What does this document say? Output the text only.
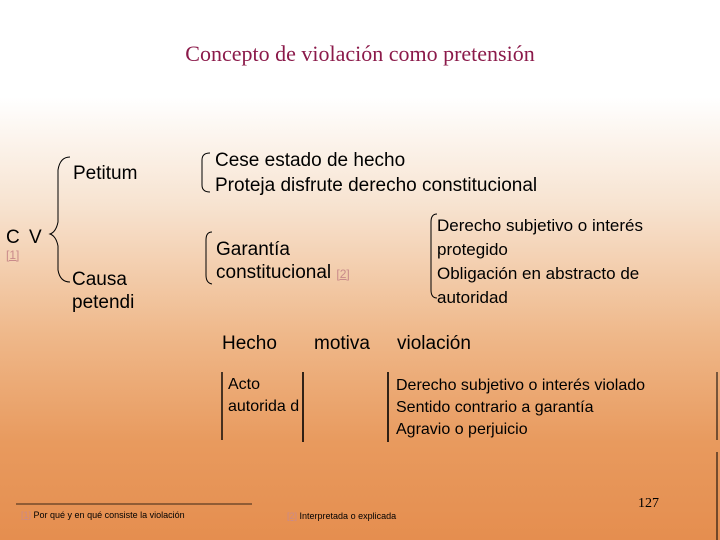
Concepto de violación como pretensión
C V
[1]
Petitum
Causa petendi
Cese estado de hecho
Proteja disfrute derecho constitucional
Garantía constitucional [2]
Derecho subjetivo o interés
protegido
Obligación en abstracto de
autoridad
Hecho motiva violación
Acto autorida d
Derecho subjetivo o interés violado
Sentido contrario a garantía
Agravio o perjuicio
[1] Por qué y en qué consiste la violación	[2] Interpretada o explicada
127
